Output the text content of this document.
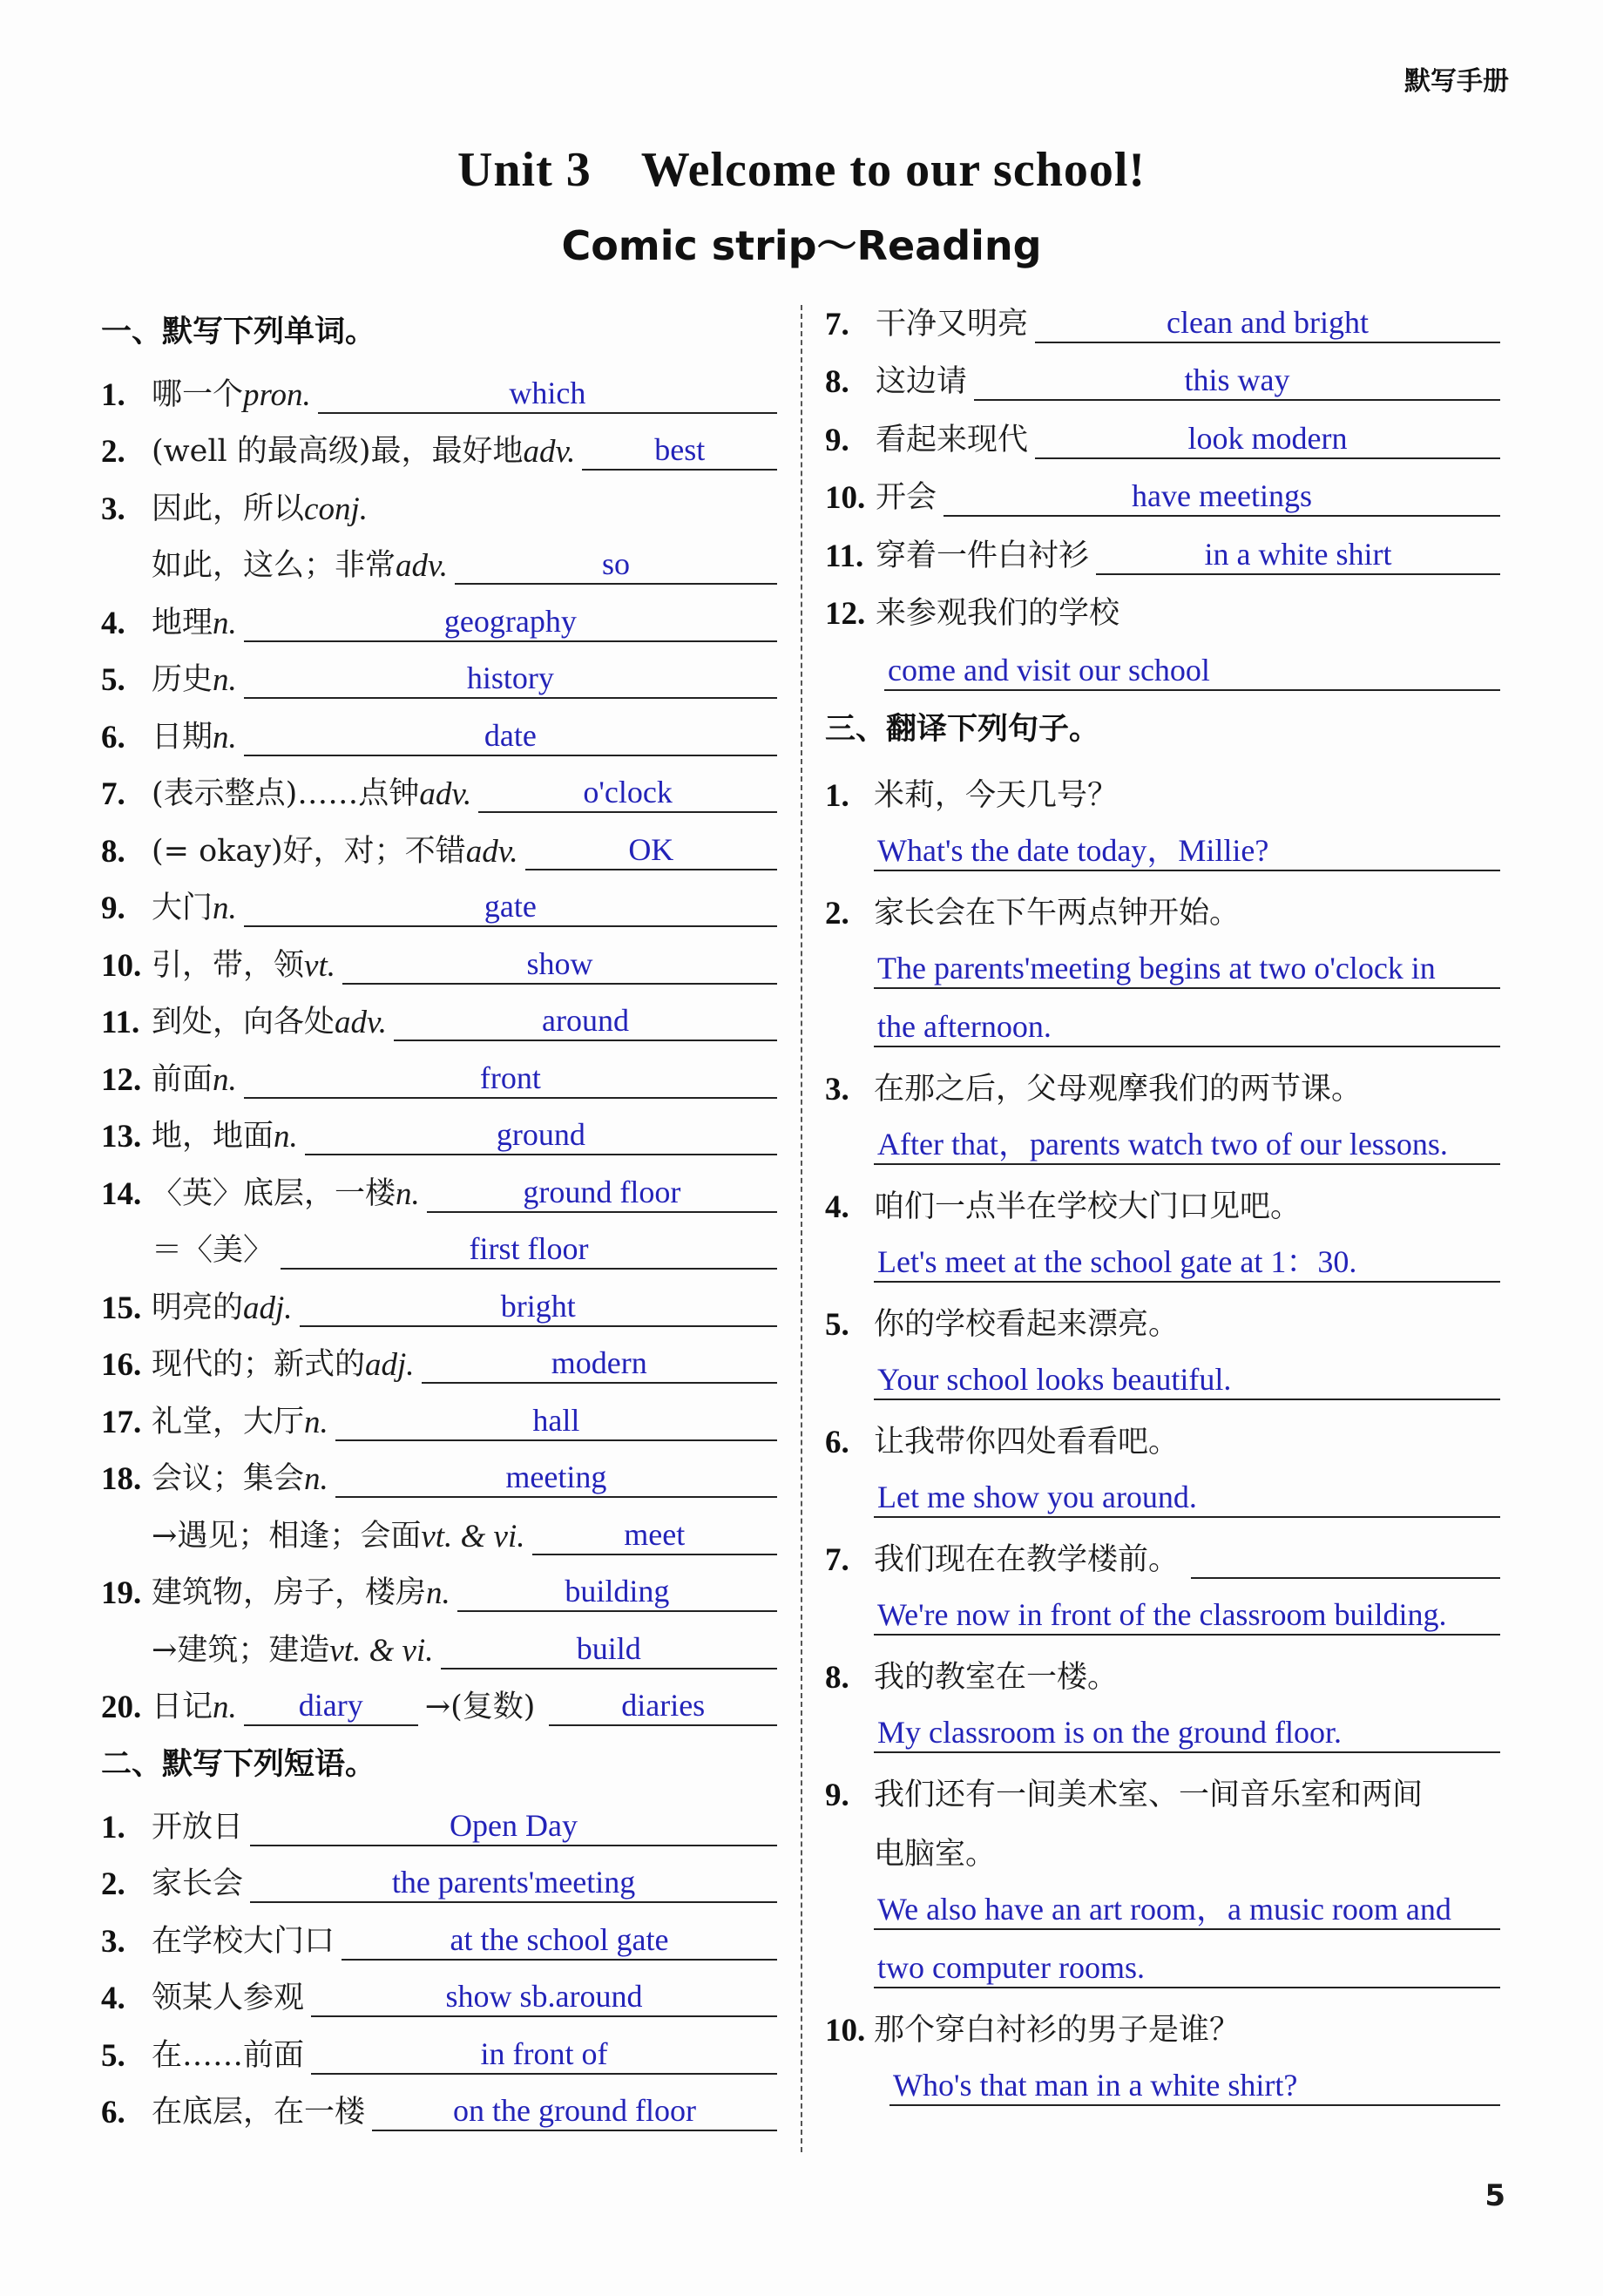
默写手册
Unit 3　Welcome to our school!
Comic strip～Reading
一、默写下列单词。
1. 哪一个 pron.	which
2. (well 的最高级)最，最好地 adv.	best
3. 因此，所以 conj.
如此，这么；非常 adv.	so
4. 地理 n.	geography
5. 历史 n.	history
6. 日期 n.	date
7. (表示整点)……点钟 adv.	o'clock
8. (= okay)好，对；不错 adv.	OK
9. 大门 n.	gate
10. 引，带，领 vt.	show
11. 到处，向各处 adv.	around
12. 前面 n.	front
13. 地，地面 n.	ground
14. 〈英〉底层，一楼 n.	ground floor
＝〈美〉	first floor
15. 明亮的 adj.	bright
16. 现代的；新式的 adj.	modern
17. 礼堂，大厅 n.	hall
18. 会议；集会 n.	meeting
→遇见；相逢；会面 vt. & vi.	meet
19. 建筑物，房子，楼房 n.	building
→建筑；建造 vt. & vi.	build
20. 日记 n.	diary	→(复数)	diaries
二、默写下列短语。
1. 开放日	Open Day
2. 家长会	the parents'meeting
3. 在学校大门口	at the school gate
4. 领某人参观	show sb.around
5. 在……前面	in front of
6. 在底层，在一楼	on the ground floor
7. 干净又明亮	clean and bright
8. 这边请	this way
9. 看起来现代	look modern
10. 开会	have meetings
11. 穿着一件白衬衫	in a white shirt
12. 来参观我们的学校
come and visit our school
三、翻译下列句子。
1. 米莉，今天几号？
What's the date today，Millie?
2. 家长会在下午两点钟开始。
The parents'meeting begins at two o'clock in
the afternoon.
3. 在那之后，父母观摩我们的两节课。
After that，parents watch two of our lessons.
4. 咱们一点半在学校大门口见吧。
Let's meet at the school gate at 1：30.
5. 你的学校看起来漂亮。
Your school looks beautiful.
6. 让我带你四处看看吧。
Let me show you around.
7. 我们现在在教学楼前。
We're now in front of the classroom building.
8. 我的教室在一楼。
My classroom is on the ground floor.
9. 我们还有一间美术室、一间音乐室和两间
电脑室。
We also have an art room，a music room and
two computer rooms.
10. 那个穿白衬衫的男子是谁？
Who's that man in a white shirt?
5
